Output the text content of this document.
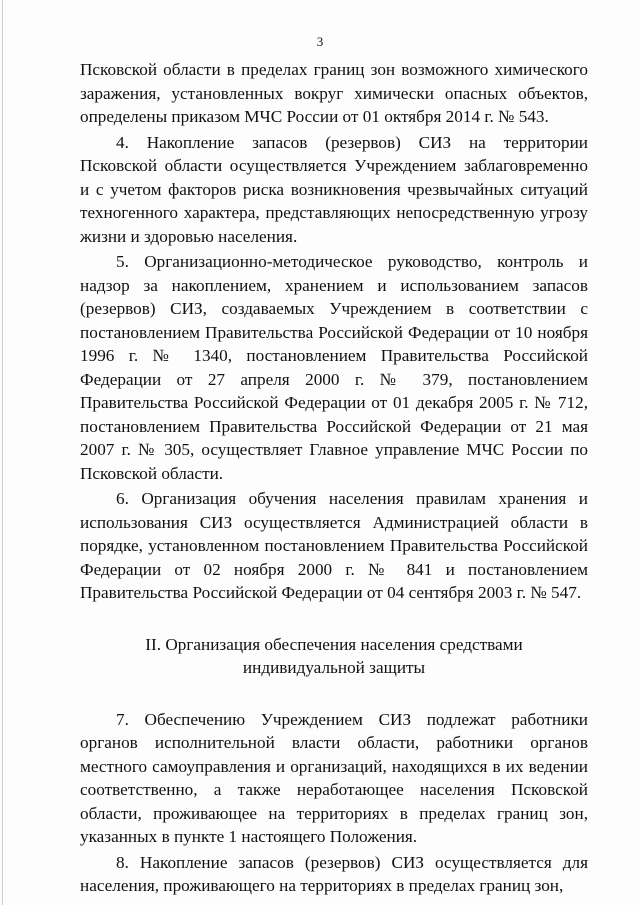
3

Псковской области в пределах границ зон возможного химического заражения, установленных вокруг химически опасных объектов, определены приказом МЧС России от 01 октября 2014 г. № 543.

4. Накопление запасов (резервов) СИЗ на территории Псковской области осуществляется Учреждением заблаговременно и с учетом факторов риска возникновения чрезвычайных ситуаций техногенного характера, представляющих непосредственную угрозу жизни и здоровью населения.

5. Организационно-методическое руководство, контроль и надзор за накоплением, хранением и использованием запасов (резервов) СИЗ, создаваемых Учреждением в соответствии с постановлением Правительства Российской Федерации от 10 ноября 1996 г. № 1340, постановлением Правительства Российской Федерации от 27 апреля 2000 г. № 379, постановлением Правительства Российской Федерации от 01 декабря 2005 г. № 712, постановлением Правительства Российской Федерации от 21 мая 2007 г. № 305, осуществляет Главное управление МЧС России по Псковской области.

6. Организация обучения населения правилам хранения и использования СИЗ осуществляется Администрацией области в порядке, установленном постановлением Правительства Российской Федерации от 02 ноября 2000 г. № 841 и постановлением Правительства Российской Федерации от 04 сентября 2003 г. № 547.

II. Организация обеспечения населения средствами индивидуальной защиты

7. Обеспечению Учреждением СИЗ подлежат работники органов исполнительной власти области, работники органов местного самоуправления и организаций, находящихся в их ведении соответственно, а также неработающее населения Псковской области, проживающее на территориях в пределах границ зон, указанных в пункте 1 настоящего Положения.

8. Накопление запасов (резервов) СИЗ осуществляется для населения, проживающего на территориях в пределах границ зон,
